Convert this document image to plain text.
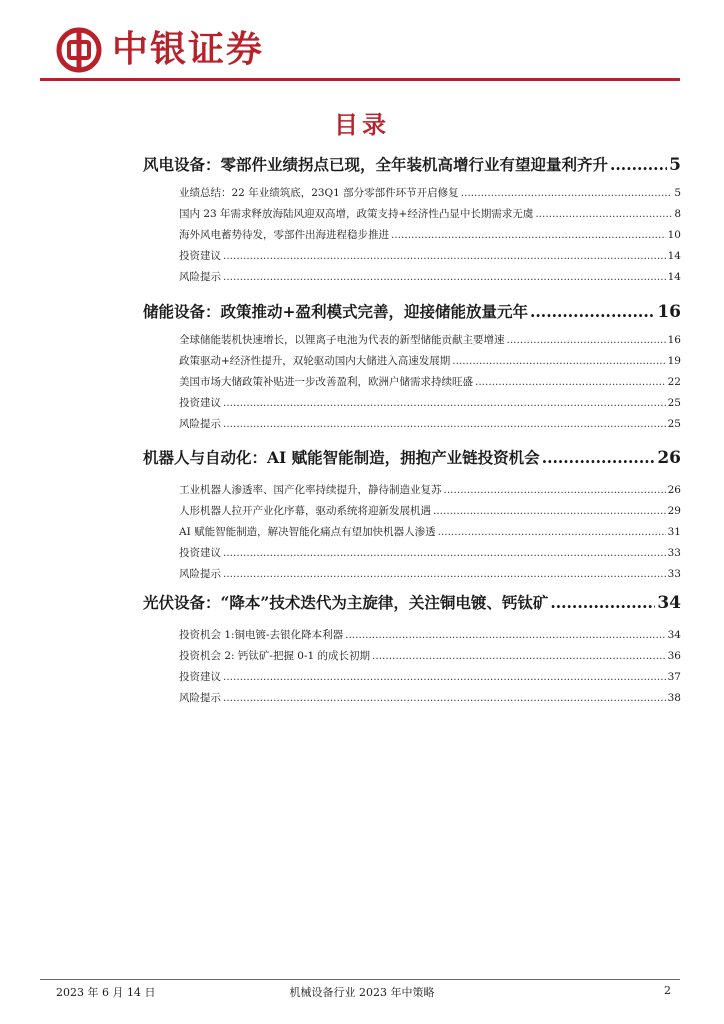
中银证券
目录
风电设备：零部件业绩拐点已现，全年装机高增行业有望迎量利齐升 .....	5
业绩总结：22 年业绩筑底，23Q1 部分零部件环节开启修复 .....	5
国内 23 年需求释放海陆风迎双高增，政策支持+经济性凸显中长期需求无虞 .....	8
海外风电蓄势待发，零部件出海进程稳步推进 .....	10
投资建议 .....	14
风险提示 .....	14
储能设备：政策推动+盈利模式完善，迎接储能放量元年 .....	16
全球储能装机快速增长，以锂离子电池为代表的新型储能贡献主要增速 .....	16
政策驱动+经济性提升，双轮驱动国内大储进入高速发展期 .....	19
美国市场大储政策补贴进一步改善盈利，欧洲户储需求持续旺盛 .....	22
投资建议 .....	25
风险提示 .....	25
机器人与自动化：AI 赋能智能制造，拥抱产业链投资机会 .....	26
工业机器人渗透率、国产化率持续提升，静待制造业复苏 .....	26
人形机器人拉开产业化序幕，驱动系统将迎新发展机遇 .....	29
AI 赋能智能制造，解决智能化痛点有望加快机器人渗透 .....	31
投资建议 .....	33
风险提示 .....	33
光伏设备：“降本”技术迭代为主旋律，关注铜电镀、钙钛矿 .....	34
投资机会 1:铜电镀-去银化降本利器 .....	34
投资机会 2: 钙钛矿-把握 0-1 的成长初期 .....	36
投资建议 .....	37
风险提示 .....	38
2023 年 6 月 14 日	机械设备行业 2023 年中策略	2
